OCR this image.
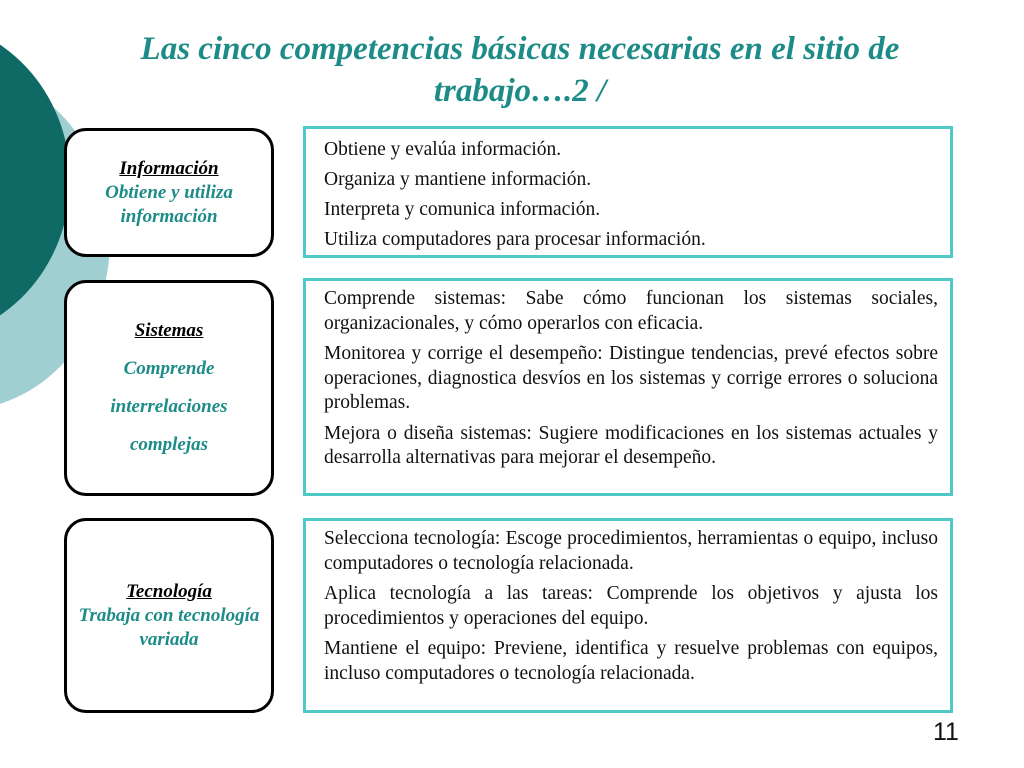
Las cinco competencias básicas necesarias en el sitio de trabajo….2 /
Información
Obtiene y utiliza información

Obtiene y evalúa información.

Organiza y mantiene información.

Interpreta y comunica información.

Utiliza computadores para procesar información.

Sistemas
Comprende
interrelaciones
complejas

Comprende sistemas: Sabe cómo funcionan los sistemas sociales, organizacionales, y cómo operarlos con eficacia.

Monitorea y corrige el desempeño: Distingue tendencias, prevé efectos sobre operaciones, diagnostica desvíos en los sistemas y corrige errores o soluciona problemas.

Mejora o diseña sistemas: Sugiere modificaciones en los sistemas actuales y desarrolla alternativas para mejorar el desempeño.

Tecnología
Trabaja con tecnología variada

Selecciona tecnología: Escoge procedimientos, herramientas o equipo, incluso computadores o tecnología relacionada.

Aplica tecnología a las tareas: Comprende los objetivos y ajusta los procedimientos y operaciones del equipo.

Mantiene el equipo: Previene, identifica y resuelve problemas con equipos, incluso computadores o tecnología relacionada.

11
